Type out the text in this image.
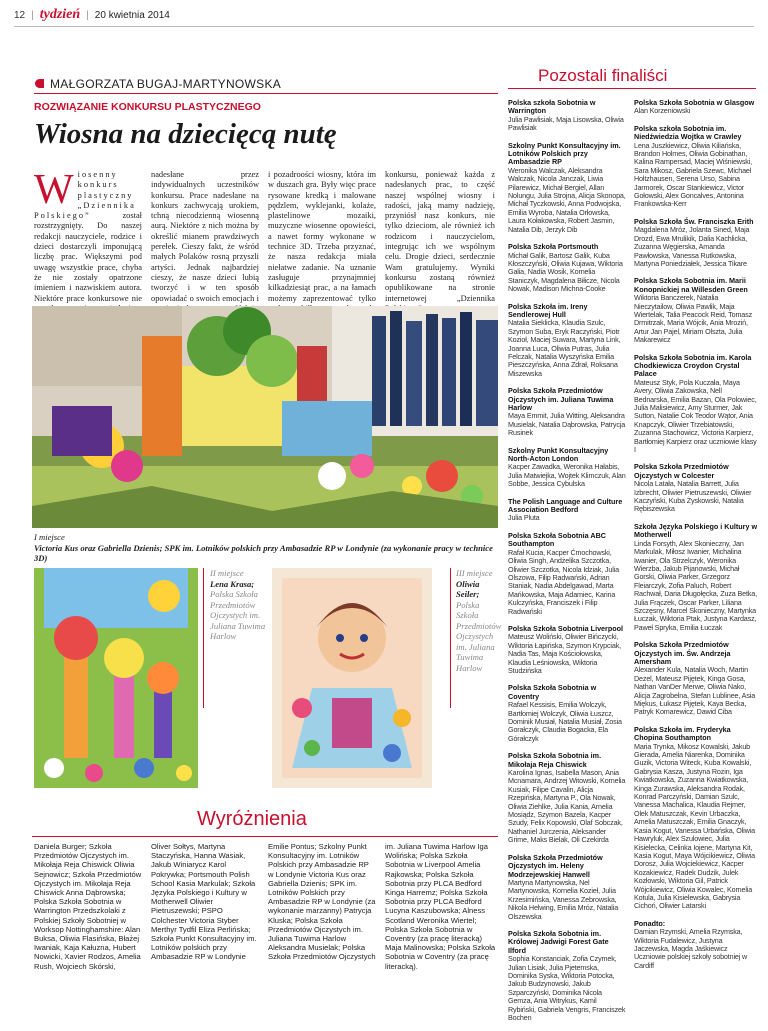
12 | tydzień | 20 kwietnia 2014
MAŁGORZATA BUGAJ-MARTYNOWSKA
ROZWIĄZANIE KONKURSU PLASTYCZNEGO
Wiosna na dziecięcą nutę
Wiosenny konkurs plastyczny „Dziennika Polskiego”	został rozstrzygnięty. Do naszej redakcji nauczyciele, rodzice i dzieci dostarczyli imponującą liczbę prac. Większymi pod uwagę wszystkie prace, chyba że nie zostały opatrzone imieniem i nazwiskiem autora. Niektóre prace konkursowe nie
nadesłane przez indywidualnych uczestników konkursu. Prace nadesłane na konkurs zachwycają urokiem, tchną niecodzienną wiosenną aurą. Niektóre z nich można by określić mianem prawdziwych perełek. Cieszy fakt, że wśród małych Polaków rosną przyszli artyści. Jednak najbardziej cieszy, że nasze dzieci lubią tworzyć i w ten sposób opowiadać o swoich emocjach i
i pozadroości wiosny, która im w duszach gra. Były więc prace rysowane kredką i malowane pędzlem, wyklejanki, kolaże, plastelinowe mozaiki, muzyczne wiosenne opowieści, a nawet formy wykonane w technice 3D. Trzeba przyznać, że nasza redakcja miała niełatwe zadanie. Na uznanie zasługuje przynajmniej kilkadziesiąt prac, a na łamach możemy zaprezentować tylko
konkursu, ponieważ każda z nadesłanych prac, to część naszej wspólnej wiosny i radości, jaką mamy nadzieję, przyniósł nasz konkurs, nie tylko dzieciom, ale również ich rodzicom i nauczycielom, integrując ich we wspólnym celu. Drogie dzieci, serdecznie Wam gratulujemy. Wyniki konkursu zostaną również opublikowane na stronie internetowej „Dziennika
I miejsce
Victoria Kus oraz Gabriella Dzienis; SPK im. Lotników polskich przy Ambasadzie RP w Londynie (za wykonanie pracy w technice 3D)
II miejsce
Lena Krasa;
Polska Szkoła Przedmiotów Ojczystych im. Juliana Tuwima Harlow
III miejsce
Oliwia Seiler;
Polska Szkoła Przedmiotów Ojczystych im. Juliana Tuwima Harlow
Wyróżnienia
Daniela Burger; Szkoła Przedmiotów Ojczystych im. Mikołaja Reja Chiswick Oliwia Sejnowicz; Szkoła Przedmiotów Ojczystych im. Mikołaja Reja Chiswick Anna Dąbrowska; Polska Szkoła Sobotnia w Warrington Przedszkolaki z Polskiej Szkoły Sobotniej w Worksop Nottinghamshire: Alan Buksa, Oliwia Flasińska, Błażej Iwaniak, Kaja Kałuzna, Hubert Nowicki, Xavier Rodzos, Amelia Rush, Wojciech Skórski,
Oliver Sołtys, Martyna Staczyńska, Hanna Wasiak, Jakub Winiarycz Karol Pokrywka; Portsmouth Polish School Kasia Markulak; Szkoła Języka Polskiego i Kultury w Motherwell Oliwier Pietruszewski; PSPO Colchester Victoria Styber Merthyr Tydfil Eliza Perlińska; Szkoła Punkt Konsultacyjny im. Lotników polskich przy Ambasadzie RP w Londynie
Emilie Pontus; Szkolny Punkt Konsultacyjny im. Lotników Polskich przy Ambasadzie RP w Londynie Victoria Kus oraz Gabriella Dzienis; SPK im. Lotników Polskich przy Ambasadzie RP w Londynie (za wykonanie marzanny) Patrycja Kluska; Polska Szkoła Przedmiotów Ojczystych im. Juliana Tuwima Harlow Aleksandra Musielak; Polska Szkoła Przedmiotów Ojczystych
im. Juliana Tuwima Harlow Iga Wolińska; Polska Szkoła Sobotnia w Liverpool Amelia Rajkowska; Polska Szkoła Sobotnia przy PLCA Bedford Kinga Harremz; Polska Szkoła Sobotnia przy PLCA Bedford Lucyna Kaszubowska; Alness Scotland Weronika Wiertel; Polska Szkoła Sobotnia w Coventry (za pracę literacką) Maja Malinowska; Polska Szkoła Sobotnia w Coventry (za pracę literacką).
Pozostali finaliści
Polska szkoła Sobotnia w Warrington
Julia Pawlisiak, Maja Lisowska, Oliwia Pawlisiak
Szkolny Punkt Konsultacyjny im. Lotników Polskich przy Ambasadzie RP
Weronika Walczak, Aleksandra Walczak, Nicola Janczak, Liwia Pilarewicz, Michał Bergiel, Allan Nolungu, Julia Strojna, Alicja Skonopa, Michał Tyczkowski, Anna Podwojska, Emilia Wyroba, Natalia Orłowska, Laura Kołakowska, Robert Jasmin, Natalia Dib, Jerzyk Dib
Polska Szkoła Portsmouth
Michał Galik, Bartosz Galik, Kuba Kłoszczyński, Oliwia Kujawa, Wiktoria Galia, Nadia Wosik, Kornelia Staniczyk, Magdalena Biłicze, Nicola Nowak, Madison Michna-Cooke
Polska Szkoła im. Ireny Sendlerowej Hull
Natalia Sieklicka, Klaudia Szulc, Szymon Suba, Eryk Raczyński, Piotr Kozioł, Maciej Suwara, Martyna Link, Joanna Luca, Oliwia Putras, Julia Felczak, Natalia Wyszyńska Emilia Pieszczyńska, Anna Zdrał, Roksana Miszewska
Polska Szkoła Przedmiotów Ojczystych im. Juliana Tuwima Harlow
Maya Emmit, Julia Witting, Aleksandra Musielak, Natalia Dąbrowska, Patrycja Rusinek
Szkolny Punkt Konsultacyjny North-Acton London
Kacper Zawadka, Weronika Hałabis, Julia Matwiejka, Wojtek Klimczuk, Alan Sobbe, Jessica Cybulska
The Polish Language and Culture Association Bedford
Julia Pluta
Polska Szkoła Sobotnia ABC Southampton
Rafał Kucia, Kacper Ćmochowski, Oliwia Singh, Andżelika Szczotka, Oliwier Szczotka, Nicola Idziak, Julia Olszowa, Filip Radwański, Adrian Staniak, Nadia Abdelgawad, Marta Mańkowska, Maja Adamiec, Karina Kulczyńska, Franciszek i Filip Radwański
Polska Szkoła Sobotnia Liverpool
Mateusz Woliński, Oliwier Bińczycki, Wiktoria Łapińska, Szymon Krypciak, Nadia Tas, Maja Kościołowska, Klaudia Leśniowska, Wiktoria Studzińska
Polska Szkoła Sobotnia w Coventry
Rafael Kessisis, Emilia Wolczyk, Bartłomiej Wolczyk, Oliwia Łuszcz, Dominik Musiał, Natalia Musiał, Zosia Gorałczyk, Claudia Bogacka, Ela Górałczyk
Polska Szkoła Sobotnia im. Mikołaja Reja Chiswick
Karolina Ignas, Isabella Mason, Ania Mcnamara, Andrzej Witowski, Kornelia Kusiak, Filipe Cavalin, Alicja Rzepińska, Martyna P., Ola Nowak, Oliwia Ziehlke, Julia Kania, Arnelia Mosiądz, Szymon Bazela, Kacper Szudy, Felix Kopowski, Olaf Sobczak, Nathaniel Jurczenia, Aleksander Grime, Maks Bielak, Oli Czekirda
Polska Szkoła Przedmiotów Ojczystych im. Heleny Modrzejewskiej Hanwell
Martyna Martynowska, Nel Martynowska, Kornelia Kozieł, Julia Krzesimińska, Vanessa Zebrowska, Nikola Helwing, Emilia Mróz, Natalia Olszewska
Polska Szkoła Sobotnia im. Królowej Jadwigi Forest Gate Ilford
Sophia Konstanciak, Zofia Czymek, Julian Lisiak, Julia Pjetemska, Dominika Syska, Wiktoria Potocka, Jakub Budzynowski, Jakub Szparczyński, Dominika Nicola Gemza, Ania Witrykus, Kamil Rybiński, Gabriela Vengris, Franciszek Bochen
Polska Szkoła Sobotnia w Glasgow
Alan Korzeniowski
Polska szkoła Sobotnia im. Niedźwiedzia Wojtka w Crawley
Lena Juszkiewicz, Oliwia Kiliańska, Brandon Holmes, Oliwia Gobinathan, Kalina Rampersad, Maciej Wiśniewski, Sara Mikosz, Gabriela Szewc, Michael Holtzhausen, Serena Urso, Sabina Jarmorek, Oscar Stankiewicz, Victor Gołowski, Alex Goncalves, Antonina Frankowska-Kerr
Polska Szkoła Św. Franciszka Erith
Magdalena Mróz, Jolanta Sined, Maja Drozd, Ewa Mrulikik, Dalia Kachlicka, Zuzanna Węgierska, Amanda Pawłowska, Vanessa Rutkowska, Martyna Poniedziałek, Jessica Tikare
Polska Szkoła Sobotnia im. Marii Konopnickiej na Willesden Green
Wiktoria Banczerek, Natalia Nieczytailow, Oliwia Pawlik, Maja Wiertelak, Talia Peacock Reid, Tomasz Drmitrzak, Maria Wójcik, Ania Mroziń, Artur Jan Pajel, Miriam Olszta, Julia Makarewicz
Polska Szkoła Sobotnia im. Karola Chodkiewicza Croydon Crystal Palace
Mateusz Styk, Pola Kuczała, Maya Avery, Oliwia Zakowska, Nell Bednarska, Emilia Bazan, Ola Polowiec, Julia Malisiewicz, Amy Sturmer, Jak Sutton, Natalie Cok Teodor Wątor, Ania Knapczyk, Oliwier Trzebiatowski, Zuzanna Stachowicz, Victoria Karpierz, Bartłomiej Karpierz oraz uczniowie klasy I
Polska Szkoła Przedmiotów Ojczystych w Colcester
Nicola Latała, Natalia Barrett, Julia Izbrecht, Oliwier Pietruszewski, Oliwier Kaczyński, Kuba Żyskowski, Natalia Rębiszewska
Szkoła Języka Polskiego i Kultury w Motherwell
Linda Forsyth, Alex Skonieczny, Jan Markulak, Miłosz Iwanier, Michalina Iwanier, Ola Strzelczyk, Weronika Wierzba, Jakub Pijanowski, Michał Gorski, Oliwia Parker, Grzegorz Fleiarczyk, Zofia Paluch, Robert Rachwał, Daria Długołęcka, Zuza Betka, Julia Frączek, Oscar Parker, Liliana Szczęsny, Marcel Skonieczny, Martynka Łuczak, Wiktoria Ptak, Justyna Kardasz, Paweł Spryka, Emilia Łuczak
Polska Szkoła Przedmiotów Ojczystych im. Św. Andrzeja Amersham
Alexander Kula, Natalia Woch, Martin Dezel, Mateusz Pijętek, Kinga Gosa, Nathan VanDer Merwe, Oliwia Nako, Alicja Zagrobelna, Stefan Lublinee, Asia Miękus, Łukasz Pijętek, Kaya Becka, Patryk Komarewicz, Dawid Ciba
Polska Szkoła im. Fryderyka Chopina Southampton
Maria Trynka, Mikosz Kowalski, Jakub Gierada, Amelia Niarenka, Dominika Guzik, Victoria Witeck, Kuba Kowalski, Gabrysia Kasza, Justyna Rozin, Iga Kwiatkowska, Zuzanna Kwiatkowska, Kinga Zurawska, Aleksandra Rodak, Konrad Parczyński, Damian Szulc, Vanessa Machalica, Klaudia Rejmer, Olek Matuszczak, Kevin Urbaczka, Amelia Matuszczak, Emilia Gnaczyk, Kasia Kogut, Vanessa Urbańska, Oliwia Hawryluk, Alex Szulowiec, Julia Kisielecka, Celinka Iojene, Martyna Kit, Kasia Kogut, Maya Wójcikiewicz, Oliwia Dorosz, Julia Wojciekiewicz, Kacper Kozakiewicz, Radek Dudzik, Julek Kozłowski, Wiktoria Gil, Patrick Wójcikiewicz, Oliwia Kowalec, Kornelia Kotula, Julia Kisielewska, Gabrysia Cichoń, Oliwier Latarski
Ponadto:
Damian Rzymski, Amelia Rzymska, Wiktoria Fudalewicz, Justyna Jaczewska, Magda Jaśkiewicz Uczniowie polskiej szkoły sobotniej w Cardiff
